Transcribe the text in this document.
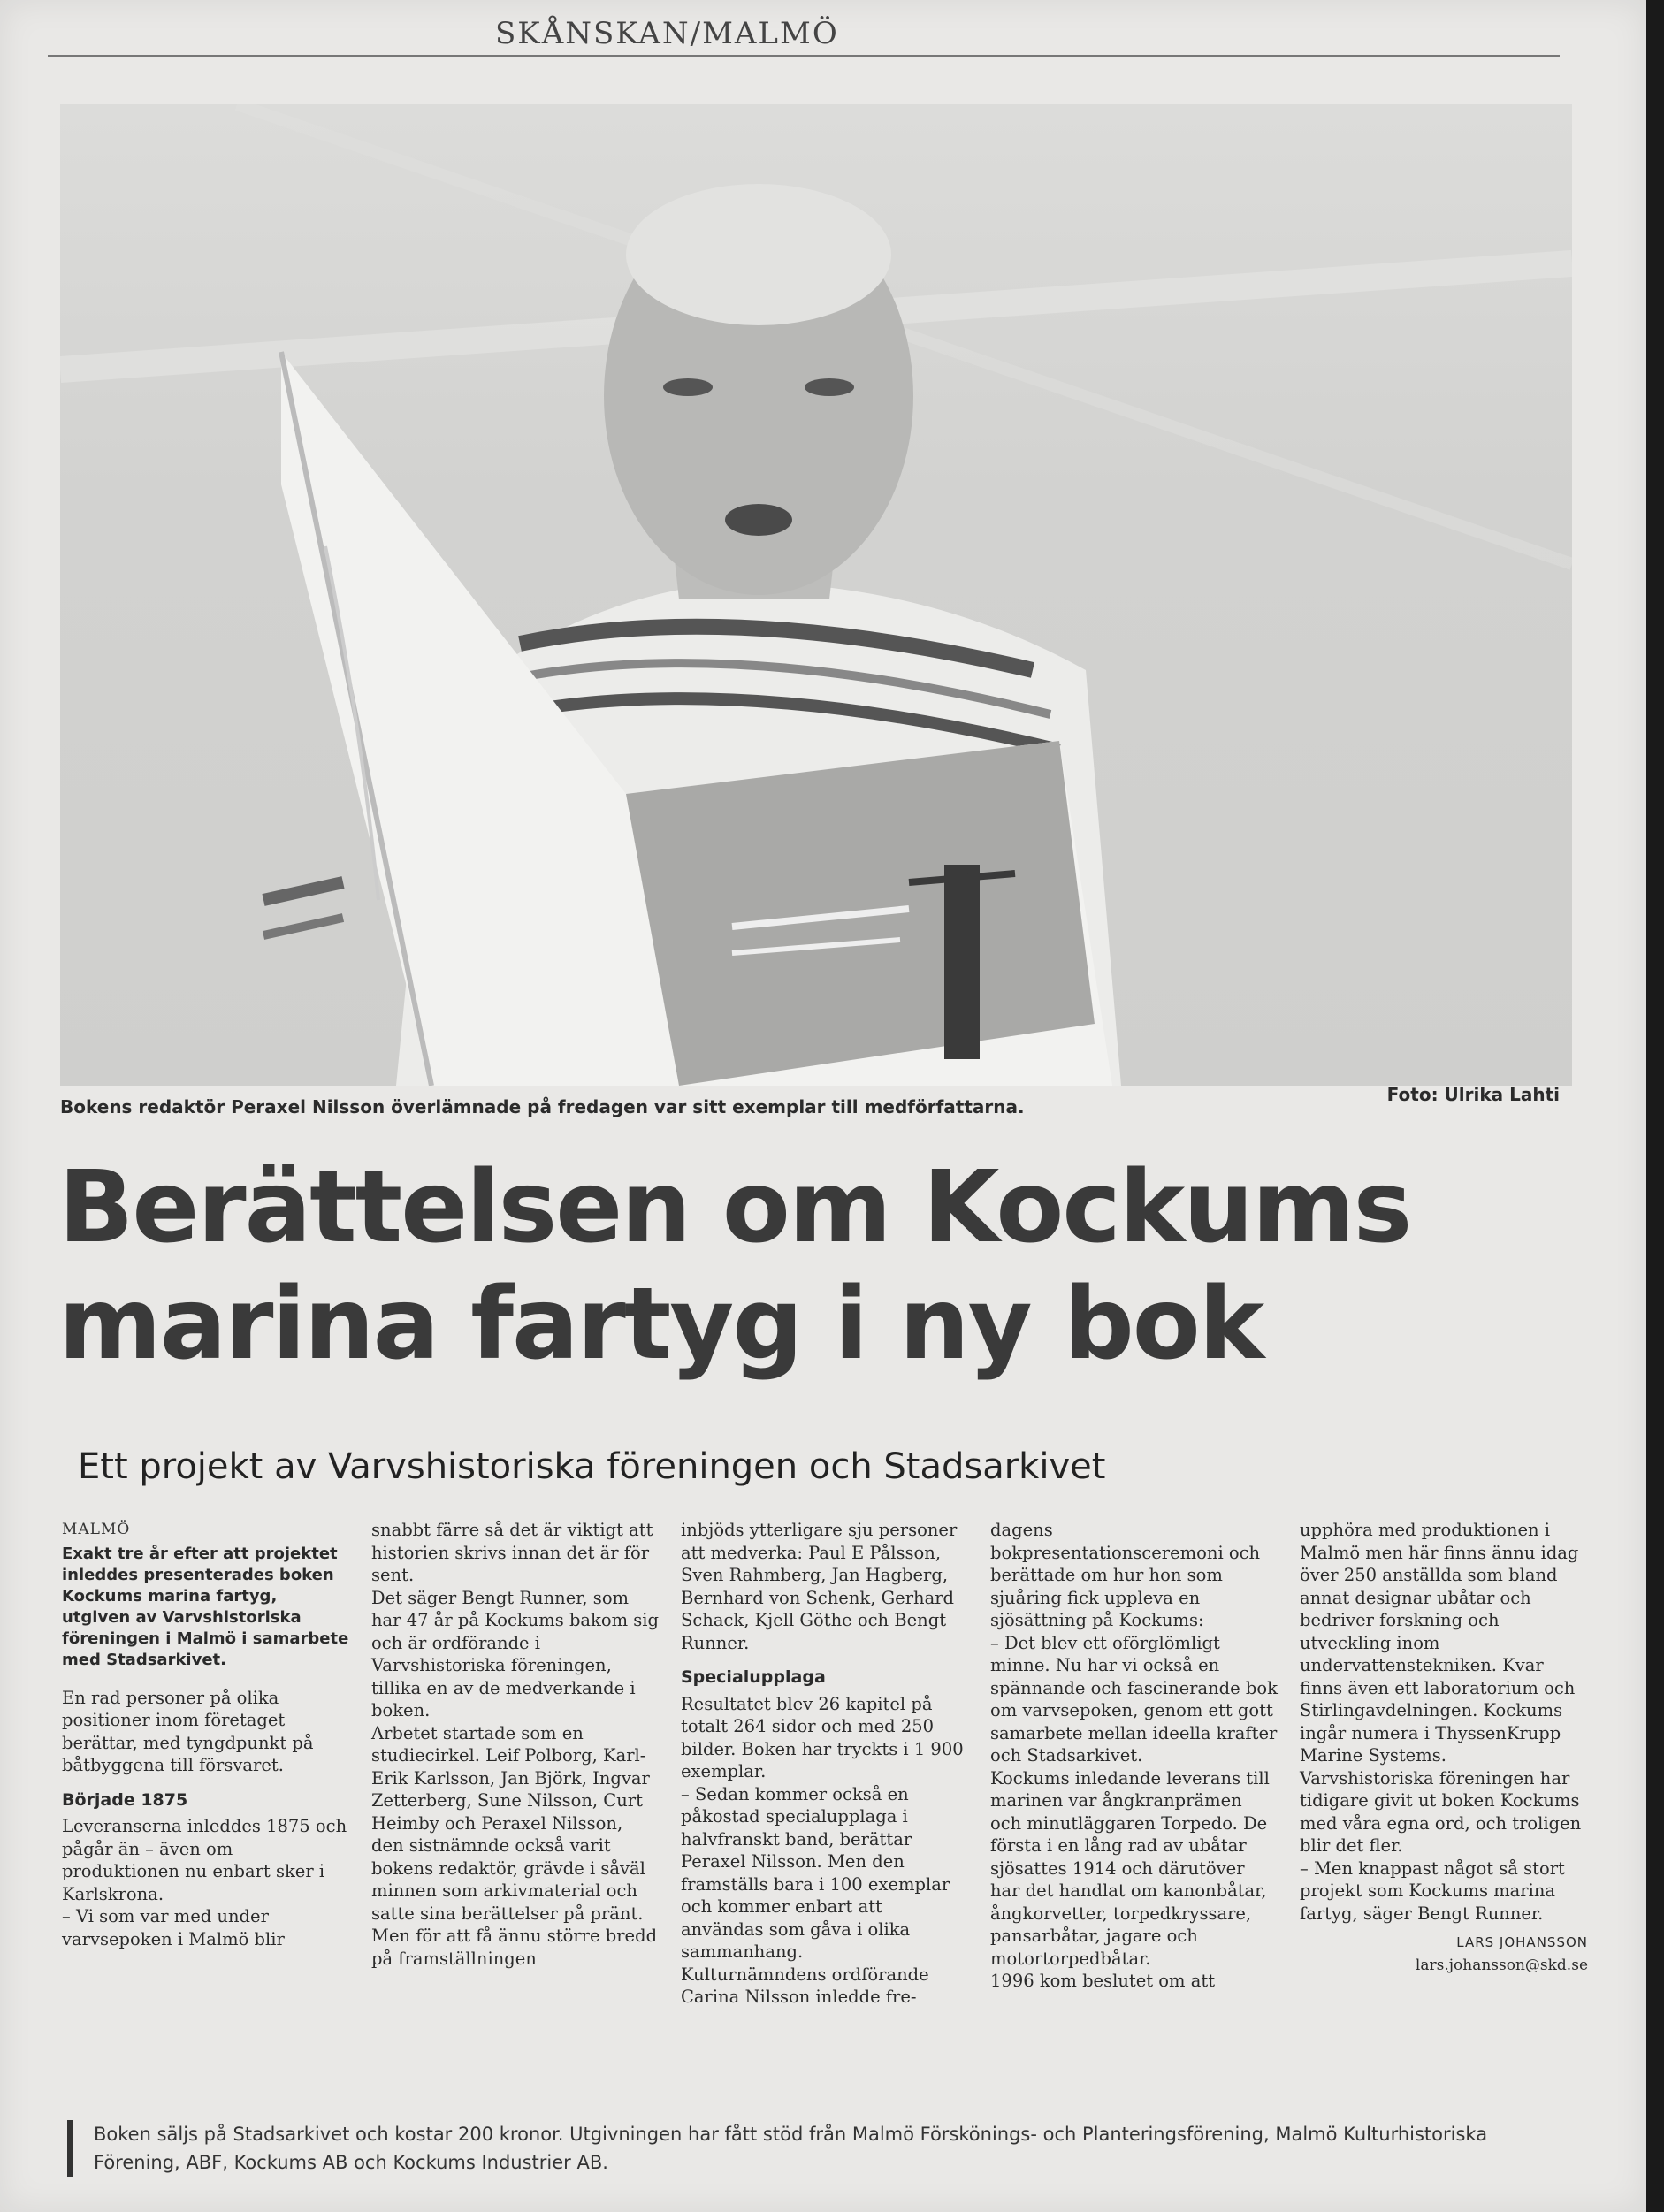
SKÅNSKAN/MALMÖ
Bokens redaktör Peraxel Nilsson överlämnade på fredagen var sitt exemplar till medförfattarna.
Foto: Ulrika Lahti
Berättelsen om Kockums
marina fartyg i ny bok
Ett projekt av Varvshistoriska föreningen och Stadsarkivet

MALMÖ

Exakt tre år efter att projektet inleddes presenterades boken Kockums marina fartyg, utgiven av Varvshistoriska föreningen i Malmö i samarbete med Stadsarkivet.

En rad personer på olika positioner inom företaget berättar, med tyngdpunkt på båtbyggena till försvaret.

Började 1875

Leveranserna inleddes 1875 och pågår än – även om produktionen nu enbart sker i Karlskrona.

– Vi som var med under varvsepoken i Malmö blir

snabbt färre så det är viktigt att historien skrivs innan det är för sent.

Det säger Bengt Runner, som har 47 år på Kockums bakom sig och är ordförande i Varvshistoriska föreningen, tillika en av de medverkande i boken.

Arbetet startade som en studiecirkel. Leif Polborg, Karl-Erik Karlsson, Jan Björk, Ingvar Zetterberg, Sune Nilsson, Curt Heimby och Peraxel Nilsson, den sistnämnde också varit bokens redaktör, grävde i såväl minnen som arkivmaterial och satte sina berättelser på pränt.

Men för att få ännu större bredd på framställningen

inbjöds ytterligare sju personer att medverka: Paul E Pålsson, Sven Rahmberg, Jan Hagberg, Bernhard von Schenk, Gerhard Schack, Kjell Göthe och Bengt Runner.

Specialupplaga

Resultatet blev 26 kapitel på totalt 264 sidor och med 250 bilder. Boken har tryckts i 1 900 exemplar.

– Sedan kommer också en påkostad specialupplaga i halvfranskt band, berättar Peraxel Nilsson. Men den framställs bara i 100 exemplar och kommer enbart att användas som gåva i olika sammanhang.

Kulturnämndens ordförande Carina Nilsson inledde fre-

dagens bokpresentationsceremoni och berättade om hur hon som sjuåring fick uppleva en sjösättning på Kockums:

– Det blev ett oförglömligt minne. Nu har vi också en spännande och fascinerande bok om varvsepoken, genom ett gott samarbete mellan ideella krafter och Stadsarkivet.

Kockums inledande leverans till marinen var ångkranprämen och minutläggaren Torpedo. De första i en lång rad av ubåtar sjösattes 1914 och därutöver har det handlat om kanonbåtar, ångkorvetter, torpedkryssare, pansarbåtar, jagare och motortorpedbåtar.

1996 kom beslutet om att

upphöra med produktionen i Malmö men här finns ännu idag över 250 anställda som bland annat designar ubåtar och bedriver forskning och utveckling inom undervattenstekniken. Kvar finns även ett laboratorium och Stirlingavdelningen. Kockums ingår numera i ThyssenKrupp Marine Systems.

Varvshistoriska föreningen har tidigare givit ut boken Kockums med våra egna ord, och troligen blir det fler.

– Men knappast något så stort projekt som Kockums marina fartyg, säger Bengt Runner.

LARS JOHANSSON

lars.johansson@skd.se

Boken säljs på Stadsarkivet och kostar 200 kronor. Utgivningen har fått stöd från Malmö Förskönings- och Planteringsförening, Malmö Kulturhistoriska Förening, ABF, Kockums AB och Kockums Industrier AB.
